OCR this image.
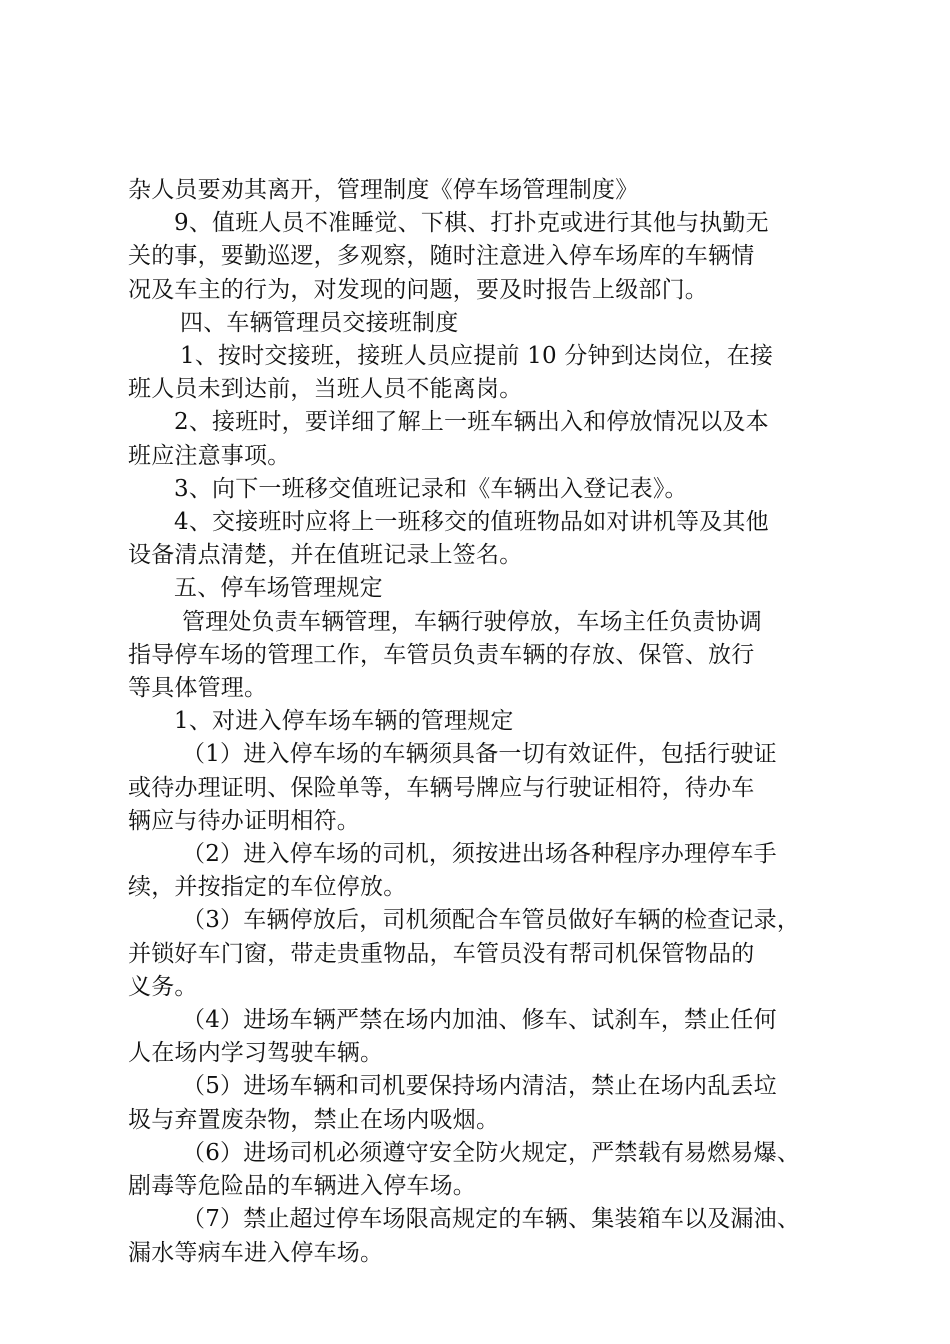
杂人员要劝其离开，管理制度《停车场管理制度》
9、值班人员不准睡觉、下棋、打扑克或进行其他与执勤无
关的事，要勤巡逻，多观察，随时注意进入停车场库的车辆情
况及车主的行为，对发现的问题，要及时报告上级部门。
四、车辆管理员交接班制度
1、按时交接班，接班人员应提前 10 分钟到达岗位，在接
班人员未到达前，当班人员不能离岗。
2、接班时，要详细了解上一班车辆出入和停放情况以及本
班应注意事项。
3、向下一班移交值班记录和《车辆出入登记表》。
4、交接班时应将上一班移交的值班物品如对讲机等及其他
设备清点清楚，并在值班记录上签名。
五、停车场管理规定
管理处负责车辆管理，车辆行驶停放，车场主任负责协调
指导停车场的管理工作，车管员负责车辆的存放、保管、放行
等具体管理。
1、对进入停车场车辆的管理规定
（1）进入停车场的车辆须具备一切有效证件，包括行驶证
或待办理证明、保险单等，车辆号牌应与行驶证相符，待办车
辆应与待办证明相符。
（2）进入停车场的司机，须按进出场各种程序办理停车手
续，并按指定的车位停放。
（3）车辆停放后，司机须配合车管员做好车辆的检查记录，
并锁好车门窗，带走贵重物品，车管员没有帮司机保管物品的
义务。
（4）进场车辆严禁在场内加油、修车、试刹车，禁止任何
人在场内学习驾驶车辆。
（5）进场车辆和司机要保持场内清洁，禁止在场内乱丢垃
圾与弃置废杂物，禁止在场内吸烟。
（6）进场司机必须遵守安全防火规定，严禁载有易燃易爆、
剧毒等危险品的车辆进入停车场。
（7）禁止超过停车场限高规定的车辆、集装箱车以及漏油、
漏水等病车进入停车场。
